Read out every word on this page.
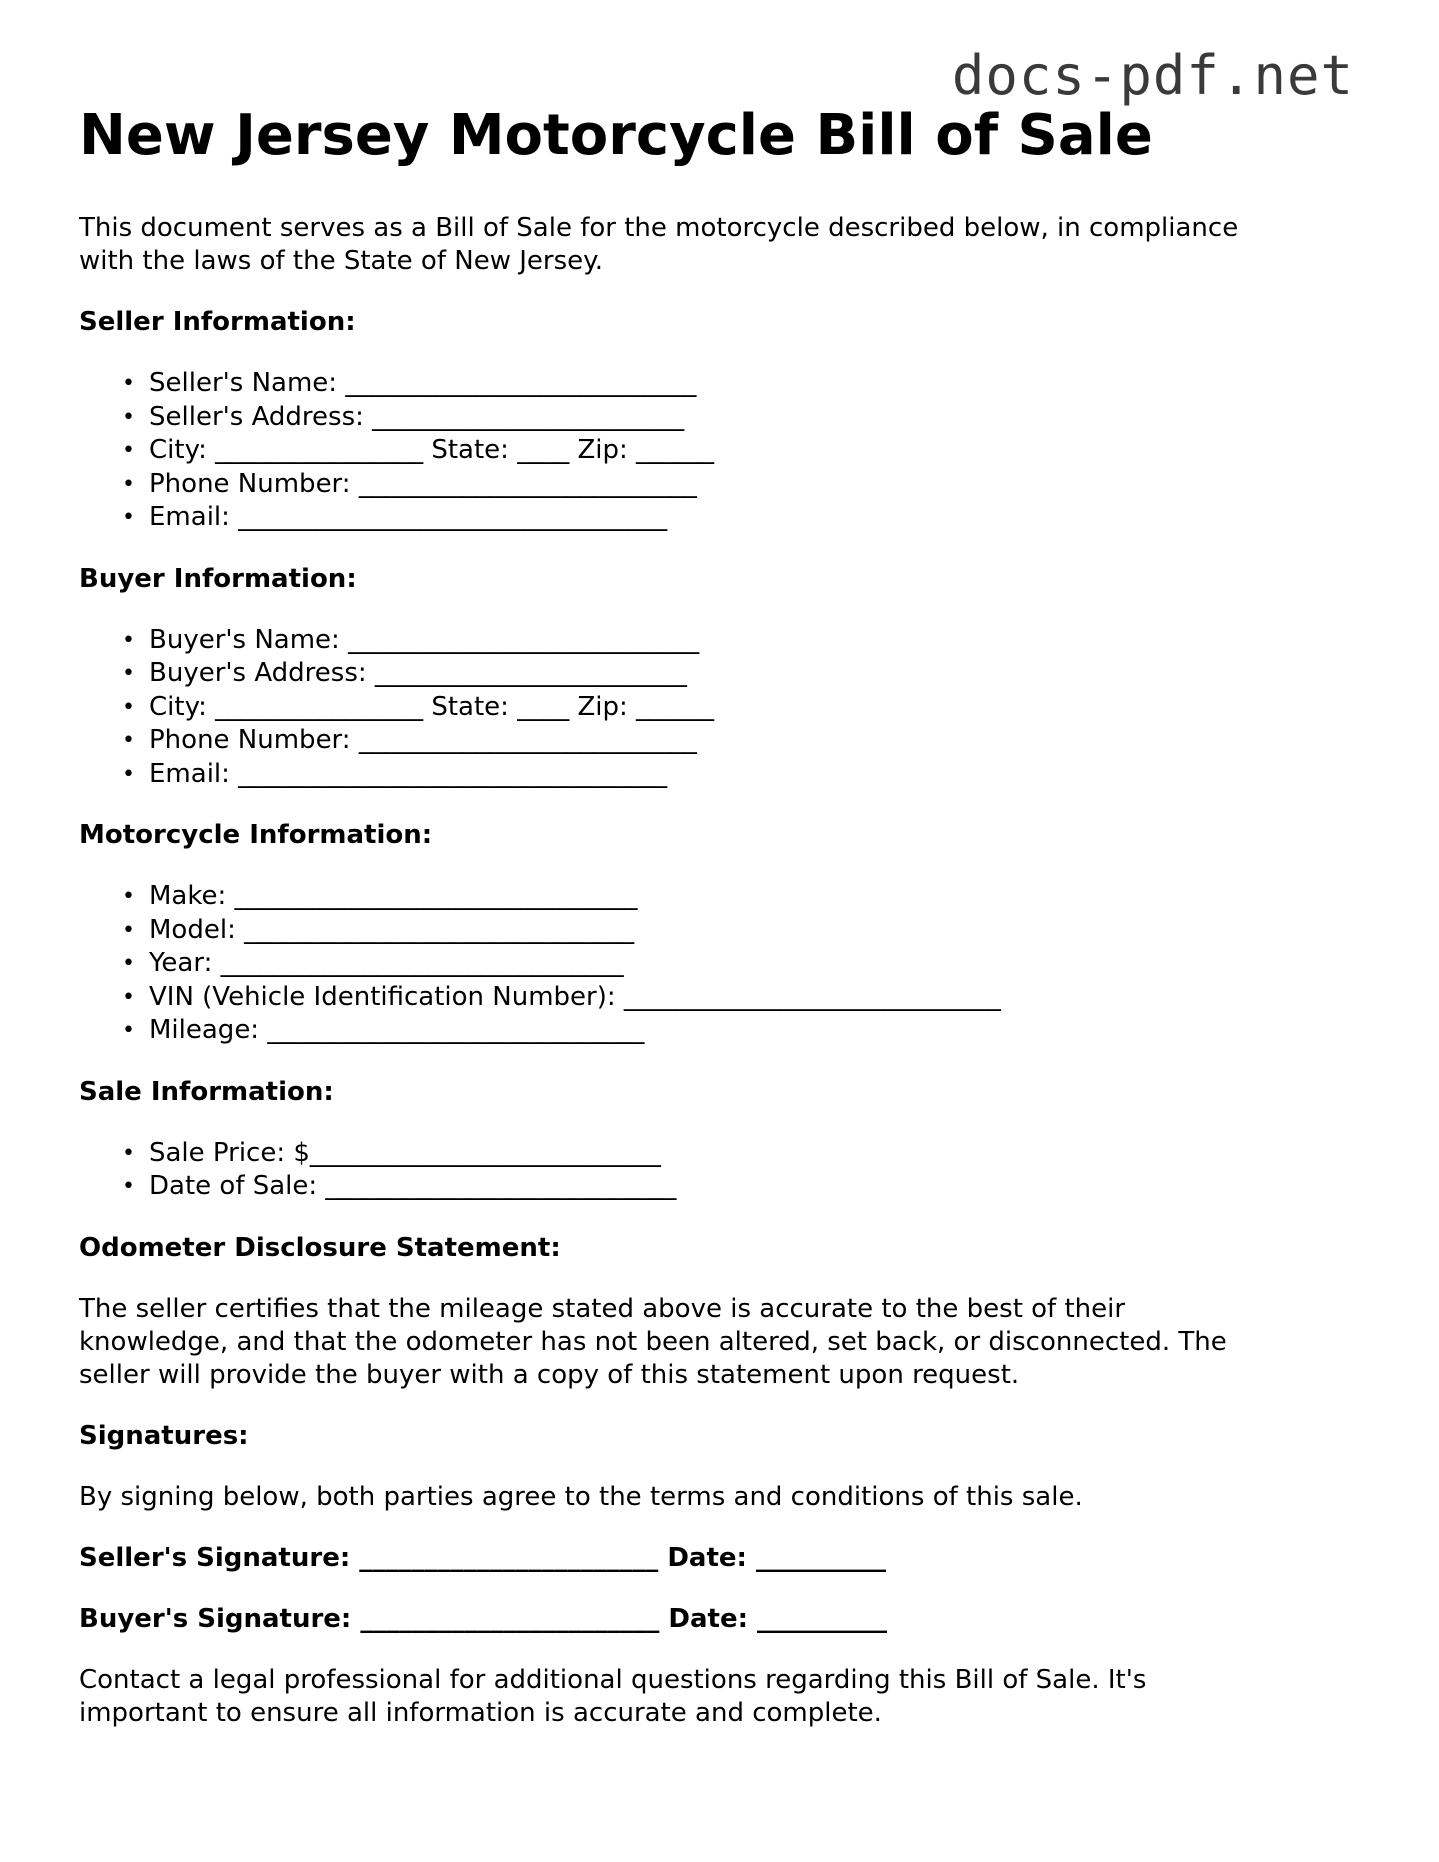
docs-pdf.net
New Jersey Motorcycle Bill of Sale

This document serves as a Bill of Sale for the motorcycle described below, in compliance
with the laws of the State of New Jersey.

Seller Information:
• Seller's Name: ___________________________
• Seller's Address: ________________________
• City: ________________ State: ____ Zip: ______
• Phone Number: __________________________
• Email: _________________________________
Buyer Information:
• Buyer's Name: ___________________________
• Buyer's Address: ________________________
• City: ________________ State: ____ Zip: ______
• Phone Number: __________________________
• Email: _________________________________
Motorcycle Information:
• Make: _______________________________
• Model: ______________________________
• Year: _______________________________
• VIN (Vehicle Identification Number): _____________________________
• Mileage: _____________________________
Sale Information:
• Sale Price: $___________________________
• Date of Sale: ___________________________
Odometer Disclosure Statement:

The seller certifies that the mileage stated above is accurate to the best of their
knowledge, and that the odometer has not been altered, set back, or disconnected. The
seller will provide the buyer with a copy of this statement upon request.

Signatures:

By signing below, both parties agree to the terms and conditions of this sale.

Seller's Signature: _______________________ Date: __________
Buyer's Signature: _______________________ Date: __________

Contact a legal professional for additional questions regarding this Bill of Sale. It's
important to ensure all information is accurate and complete.
